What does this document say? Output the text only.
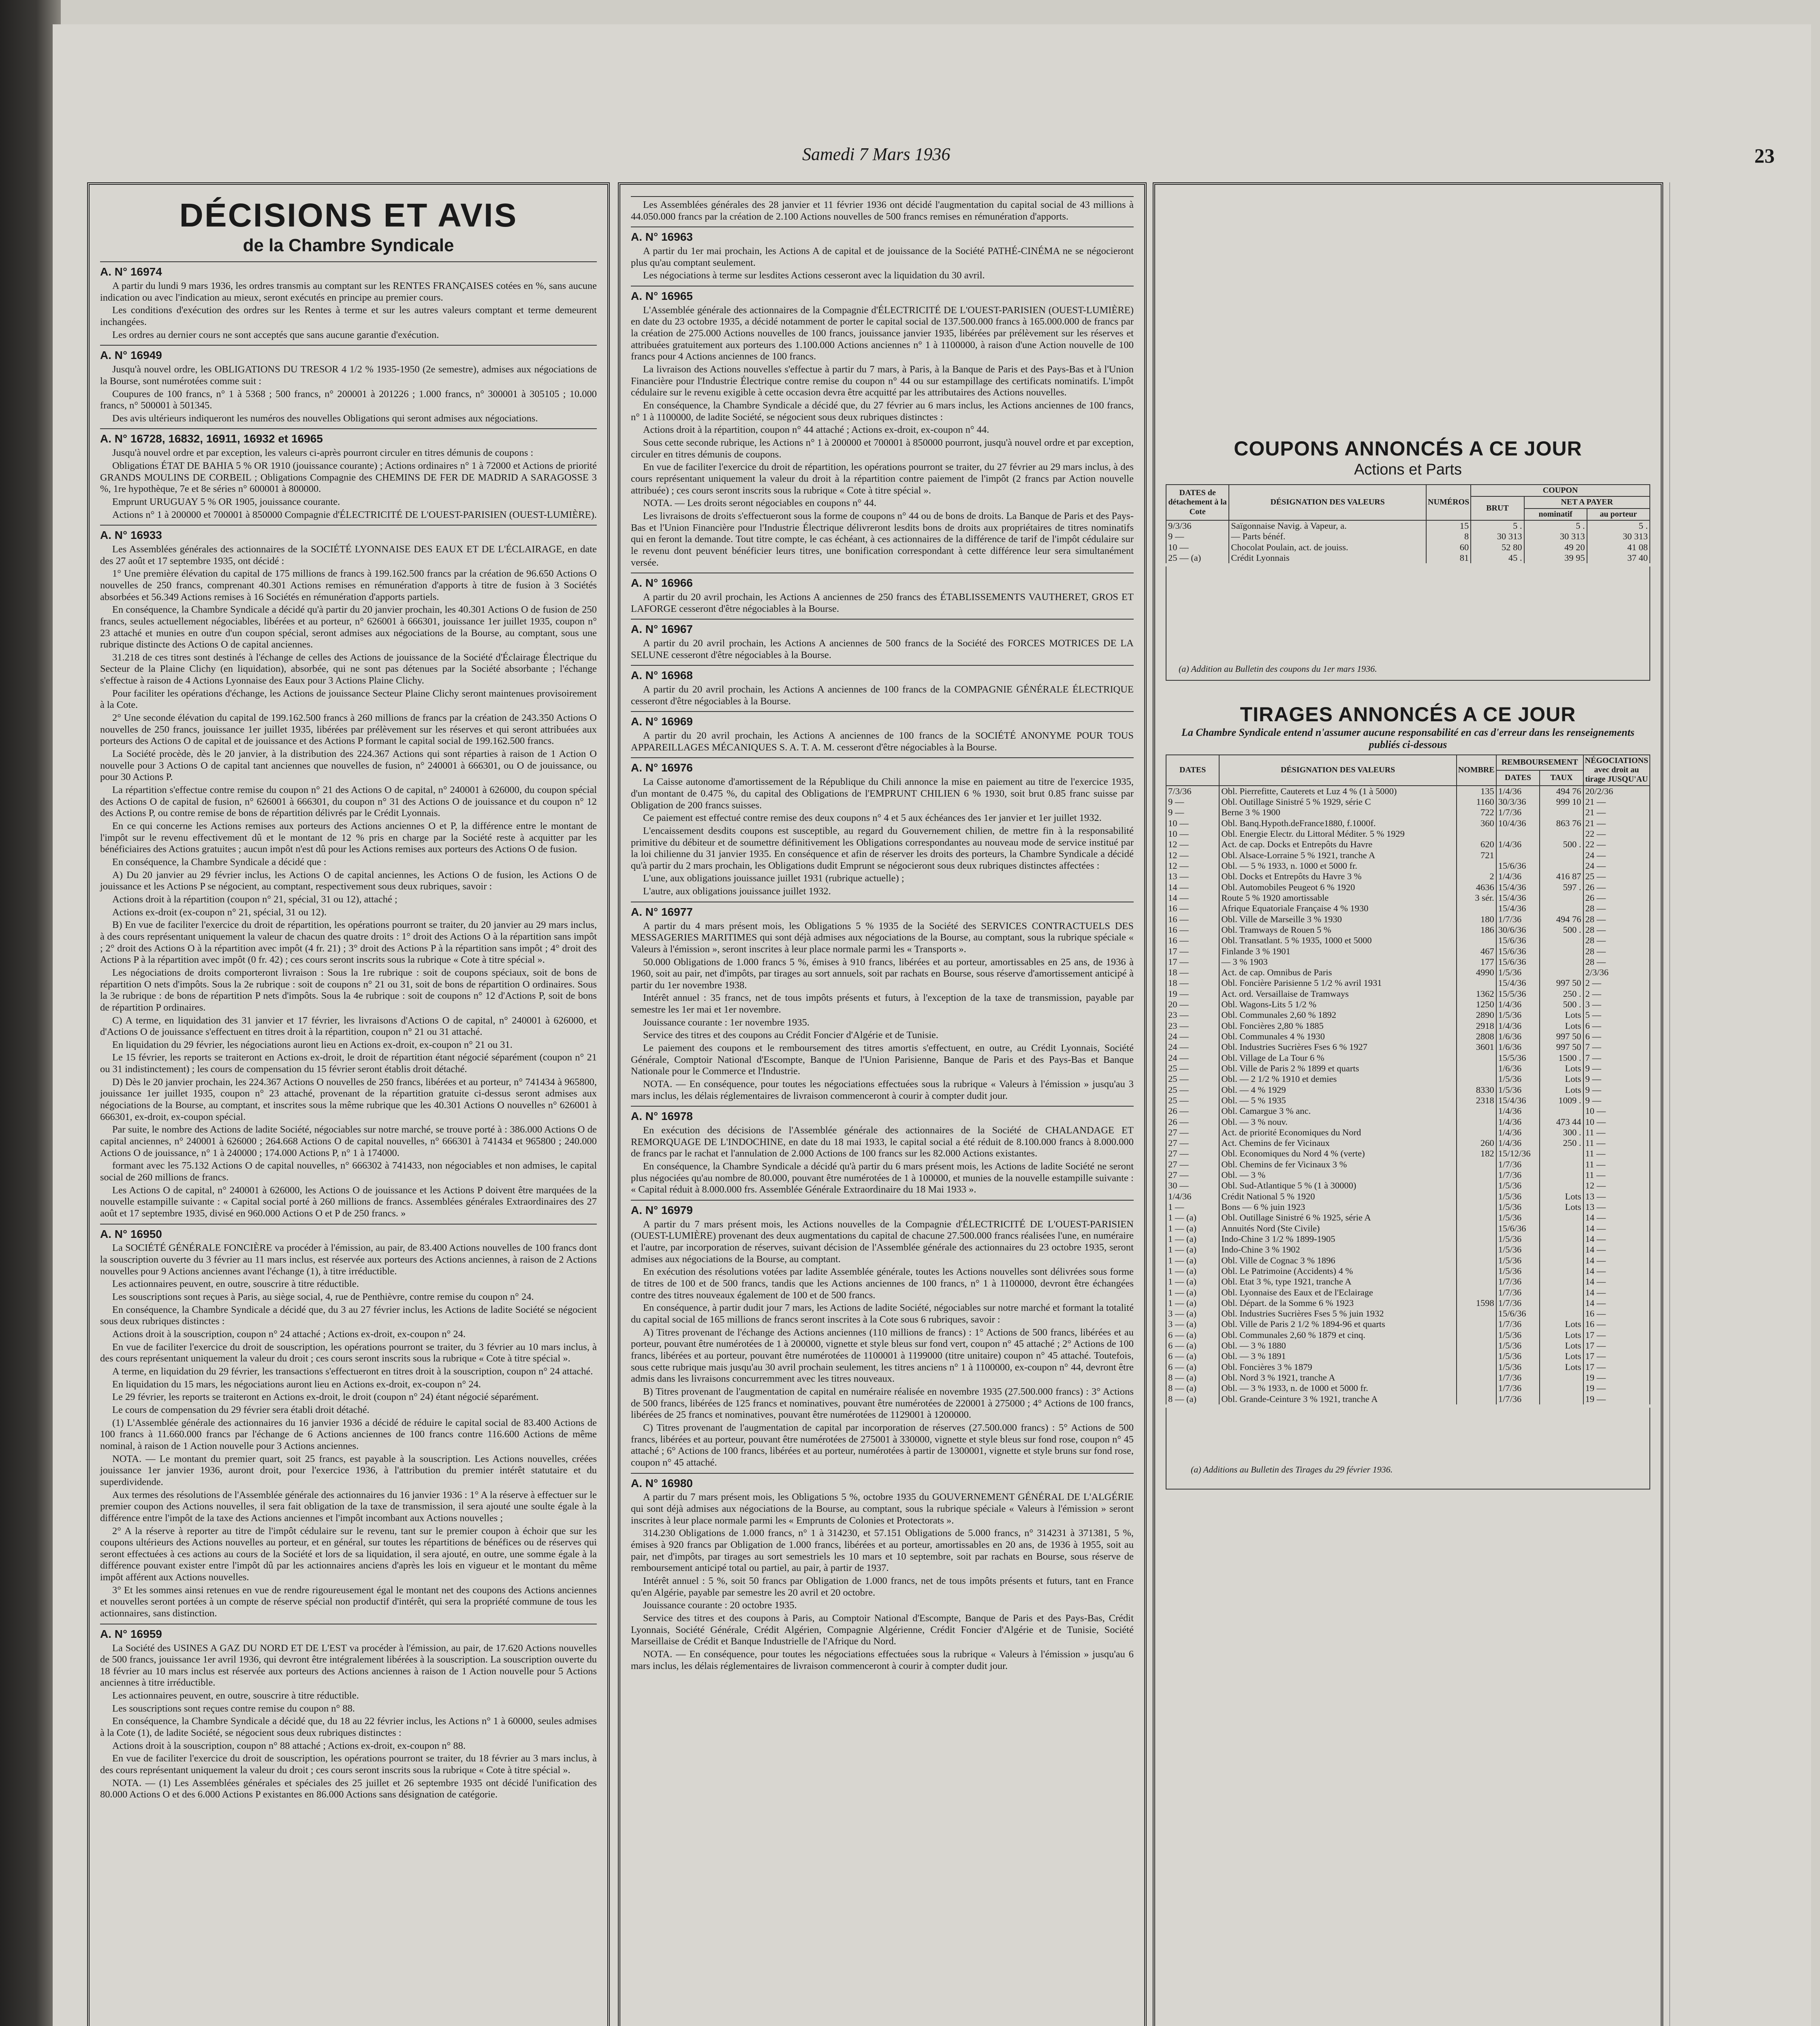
Samedi 7 Mars 1936	23
DÉCISIONS ET AVIS
de la Chambre Syndicale
A. N° 16974

A partir du lundi 9 mars 1936, les ordres transmis au comptant sur les RENTES FRANÇAISES cotées en %, sans aucune indication ou avec l'indication au mieux, seront exécutés en principe au premier cours.

Les conditions d'exécution des ordres sur les Rentes à terme et sur les autres valeurs comptant et terme demeurent inchangées.

Les ordres au dernier cours ne sont acceptés que sans aucune garantie d'exécution.

A. N° 16949

Jusqu'à nouvel ordre, les OBLIGATIONS DU TRESOR 4 1/2 % 1935-1950 (2e semestre), admises aux négociations de la Bourse, sont numérotées comme suit :

Coupures de 100 francs, n° 1 à 5368 ; 500 francs, n° 200001 à 201226 ; 1.000 francs, n° 300001 à 305105 ; 10.000 francs, n° 500001 à 501345.

Des avis ultérieurs indiqueront les numéros des nouvelles Obligations qui seront admises aux négociations.

A. N° 16728, 16832, 16911, 16932 et 16965

Jusqu'à nouvel ordre et par exception, les valeurs ci-après pourront circuler en titres démunis de coupons :

Obligations ÉTAT DE BAHIA 5 % OR 1910 (jouissance courante) ; Actions ordinaires n° 1 à 72000 et Actions de priorité GRANDS MOULINS DE CORBEIL ; Obligations Compagnie des CHEMINS DE FER DE MADRID A SARAGOSSE 3 %, 1re hypothèque, 7e et 8e séries n° 600001 à 800000.

Emprunt URUGUAY 5 % OR 1905, jouissance courante.

Actions n° 1 à 200000 et 700001 à 850000 Compagnie d'ÉLECTRICITÉ DE L'OUEST-PARISIEN (OUEST-LUMIÈRE).

A. N° 16933

Les Assemblées générales des actionnaires de la SOCIÉTÉ LYONNAISE DES EAUX ET DE L'ÉCLAIRAGE, en date des 27 août et 17 septembre 1935, ont décidé :

1° Une première élévation du capital de 175 millions de francs à 199.162.500 francs par la création de 96.650 Actions O nouvelles de 250 francs, comprenant 40.301 Actions remises en rémunération d'apports à titre de fusion à 3 Sociétés absorbées et 56.349 Actions remises à 16 Sociétés en rémunération d'apports partiels.

En conséquence, la Chambre Syndicale a décidé qu'à partir du 20 janvier prochain, les 40.301 Actions O de fusion de 250 francs, seules actuellement négociables, libérées et au porteur, n° 626001 à 666301, jouissance 1er juillet 1935, coupon n° 23 attaché et munies en outre d'un coupon spécial, seront admises aux négociations de la Bourse, au comptant, sous une rubrique distincte des Actions O de capital anciennes.

31.218 de ces titres sont destinés à l'échange de celles des Actions de jouissance de la Société d'Éclairage Électrique du Secteur de la Plaine Clichy (en liquidation), absorbée, qui ne sont pas détenues par la Société absorbante ; l'échange s'effectue à raison de 4 Actions Lyonnaise des Eaux pour 3 Actions Plaine Clichy.

Pour faciliter les opérations d'échange, les Actions de jouissance Secteur Plaine Clichy seront maintenues provisoirement à la Cote.

2° Une seconde élévation du capital de 199.162.500 francs à 260 millions de francs par la création de 243.350 Actions O nouvelles de 250 francs, jouissance 1er juillet 1935, libérées par prélèvement sur les réserves et qui seront attribuées aux porteurs des Actions O de capital et de jouissance et des Actions P formant le capital social de 199.162.500 francs.

La Société procède, dès le 20 janvier, à la distribution des 224.367 Actions qui sont réparties à raison de 1 Action O nouvelle pour 3 Actions O de capital tant anciennes que nouvelles de fusion, n° 240001 à 666301, ou O de jouissance, ou pour 30 Actions P.

La répartition s'effectue contre remise du coupon n° 21 des Actions O de capital, n° 240001 à 626000, du coupon spécial des Actions O de capital de fusion, n° 626001 à 666301, du coupon n° 31 des Actions O de jouissance et du coupon n° 12 des Actions P, ou contre remise de bons de répartition délivrés par le Crédit Lyonnais.

En ce qui concerne les Actions remises aux porteurs des Actions anciennes O et P, la différence entre le montant de l'impôt sur le revenu effectivement dû et le montant de 12 % pris en charge par la Société reste à acquitter par les bénéficiaires des Actions gratuites ; aucun impôt n'est dû pour les Actions remises aux porteurs des Actions O de fusion.

En conséquence, la Chambre Syndicale a décidé que :

A) Du 20 janvier au 29 février inclus, les Actions O de capital anciennes, les Actions O de fusion, les Actions O de jouissance et les Actions P se négocient, au comptant, respectivement sous deux rubriques, savoir :

Actions droit à la répartition (coupon n° 21, spécial, 31 ou 12), attaché ;

Actions ex-droit (ex-coupon n° 21, spécial, 31 ou 12).

B) En vue de faciliter l'exercice du droit de répartition, les opérations pourront se traiter, du 20 janvier au 29 mars inclus, à des cours représentant uniquement la valeur de chacun des quatre droits : 1° droit des Actions O à la répartition sans impôt ; 2° droit des Actions O à la répartition avec impôt (4 fr. 21) ; 3° droit des Actions P à la répartition sans impôt ; 4° droit des Actions P à la répartition avec impôt (0 fr. 42) ; ces cours seront inscrits sous la rubrique « Cote à titre spécial ».

Les négociations de droits comporteront livraison : Sous la 1re rubrique : soit de coupons spéciaux, soit de bons de répartition O nets d'impôts. Sous la 2e rubrique : soit de coupons n° 21 ou 31, soit de bons de répartition O ordinaires. Sous la 3e rubrique : de bons de répartition P nets d'impôts. Sous la 4e rubrique : soit de coupons n° 12 d'Actions P, soit de bons de répartition P ordinaires.

C) A terme, en liquidation des 31 janvier et 17 février, les livraisons d'Actions O de capital, n° 240001 à 626000, et d'Actions O de jouissance s'effectuent en titres droit à la répartition, coupon n° 21 ou 31 attaché.

En liquidation du 29 février, les négociations auront lieu en Actions ex-droit, ex-coupon n° 21 ou 31.

Le 15 février, les reports se traiteront en Actions ex-droit, le droit de répartition étant négocié séparément (coupon n° 21 ou 31 indistinctement) ; les cours de compensation du 15 février seront établis droit détaché.

D) Dès le 20 janvier prochain, les 224.367 Actions O nouvelles de 250 francs, libérées et au porteur, n° 741434 à 965800, jouissance 1er juillet 1935, coupon n° 23 attaché, provenant de la répartition gratuite ci-dessus seront admises aux négociations de la Bourse, au comptant, et inscrites sous la même rubrique que les 40.301 Actions O nouvelles n° 626001 à 666301, ex-droit, ex-coupon spécial.

Par suite, le nombre des Actions de ladite Société, négociables sur notre marché, se trouve porté à : 386.000 Actions O de capital anciennes, n° 240001 à 626000 ; 264.668 Actions O de capital nouvelles, n° 666301 à 741434 et 965800 ; 240.000 Actions O de jouissance, n° 1 à 240000 ; 174.000 Actions P, n° 1 à 174000.

formant avec les 75.132 Actions O de capital nouvelles, n° 666302 à 741433, non négociables et non admises, le capital social de 260 millions de francs.

Les Actions O de capital, n° 240001 à 626000, les Actions O de jouissance et les Actions P doivent être marquées de la nouvelle estampille suivante : « Capital social porté à 260 millions de francs. Assemblées générales Extraordinaires des 27 août et 17 septembre 1935, divisé en 960.000 Actions O et P de 250 francs. »

A. N° 16950

La SOCIÉTÉ GÉNÉRALE FONCIÈRE va procéder à l'émission, au pair, de 83.400 Actions nouvelles de 100 francs dont la souscription ouverte du 3 février au 11 mars inclus, est réservée aux porteurs des Actions anciennes, à raison de 2 Actions nouvelles pour 9 Actions anciennes avant l'échange (1), à titre irréductible.

Les actionnaires peuvent, en outre, souscrire à titre réductible.

Les souscriptions sont reçues à Paris, au siège social, 4, rue de Penthièvre, contre remise du coupon n° 24.

En conséquence, la Chambre Syndicale a décidé que, du 3 au 27 février inclus, les Actions de ladite Société se négocient sous deux rubriques distinctes :

Actions droit à la souscription, coupon n° 24 attaché ; Actions ex-droit, ex-coupon n° 24.

En vue de faciliter l'exercice du droit de souscription, les opérations pourront se traiter, du 3 février au 10 mars inclus, à des cours représentant uniquement la valeur du droit ; ces cours seront inscrits sous la rubrique « Cote à titre spécial ».

A terme, en liquidation du 29 février, les transactions s'effectueront en titres droit à la souscription, coupon n° 24 attaché.

En liquidation du 15 mars, les négociations auront lieu en Actions ex-droit, ex-coupon n° 24.

Le 29 février, les reports se traiteront en Actions ex-droit, le droit (coupon n° 24) étant négocié séparément.

Le cours de compensation du 29 février sera établi droit détaché.

(1) L'Assemblée générale des actionnaires du 16 janvier 1936 a décidé de réduire le capital social de 83.400 Actions de 100 francs à 11.660.000 francs par l'échange de 6 Actions anciennes de 100 francs contre 116.600 Actions de même nominal, à raison de 1 Action nouvelle pour 3 Actions anciennes.

NOTA. — Le montant du premier quart, soit 25 francs, est payable à la souscription. Les Actions nouvelles, créées jouissance 1er janvier 1936, auront droit, pour l'exercice 1936, à l'attribution du premier intérêt statutaire et du superdividende.

Aux termes des résolutions de l'Assemblée générale des actionnaires du 16 janvier 1936 : 1° A la réserve à effectuer sur le premier coupon des Actions nouvelles, il sera fait obligation de la taxe de transmission, il sera ajouté une soulte égale à la différence entre l'impôt de la taxe des Actions anciennes et l'impôt incombant aux Actions nouvelles ;

2° A la réserve à reporter au titre de l'impôt cédulaire sur le revenu, tant sur le premier coupon à échoir que sur les coupons ultérieurs des Actions nouvelles au porteur, et en général, sur toutes les répartitions de bénéfices ou de réserves qui seront effectuées à ces actions au cours de la Société et lors de sa liquidation, il sera ajouté, en outre, une somme égale à la différence pouvant exister entre l'impôt dû par les actionnaires anciens d'après les lois en vigueur et le montant du même impôt afférent aux Actions nouvelles.

3° Et les sommes ainsi retenues en vue de rendre rigoureusement égal le montant net des coupons des Actions anciennes et nouvelles seront portées à un compte de réserve spécial non productif d'intérêt, qui sera la propriété commune de tous les actionnaires, sans distinction.

A. N° 16959

La Société des USINES A GAZ DU NORD ET DE L'EST va procéder à l'émission, au pair, de 17.620 Actions nouvelles de 500 francs, jouissance 1er avril 1936, qui devront être intégralement libérées à la souscription. La souscription ouverte du 18 février au 10 mars inclus est réservée aux porteurs des Actions anciennes à raison de 1 Action nouvelle pour 5 Actions anciennes à titre irréductible.

Les actionnaires peuvent, en outre, souscrire à titre réductible.

Les souscriptions sont reçues contre remise du coupon n° 88.

En conséquence, la Chambre Syndicale a décidé que, du 18 au 22 février inclus, les Actions n° 1 à 60000, seules admises à la Cote (1), de ladite Société, se négocient sous deux rubriques distinctes :

Actions droit à la souscription, coupon n° 88 attaché ; Actions ex-droit, ex-coupon n° 88.

En vue de faciliter l'exercice du droit de souscription, les opérations pourront se traiter, du 18 février au 3 mars inclus, à des cours représentant uniquement la valeur du droit ; ces cours seront inscrits sous la rubrique « Cote à titre spécial ».

NOTA. — (1) Les Assemblées générales et spéciales des 25 juillet et 26 septembre 1935 ont décidé l'unification des 80.000 Actions O et des 6.000 Actions P existantes en 86.000 Actions sans désignation de catégorie.

Les Assemblées générales des 28 janvier et 11 février 1936 ont décidé l'augmentation du capital social de 43 millions à 44.050.000 francs par la création de 2.100 Actions nouvelles de 500 francs remises en rémunération d'apports.

A. N° 16963

A partir du 1er mai prochain, les Actions A de capital et de jouissance de la Société PATHÉ-CINÉMA ne se négocieront plus qu'au comptant seulement.

Les négociations à terme sur lesdites Actions cesseront avec la liquidation du 30 avril.

A. N° 16965

L'Assemblée générale des actionnaires de la Compagnie d'ÉLECTRICITÉ DE L'OUEST-PARISIEN (OUEST-LUMIÈRE) en date du 23 octobre 1935, a décidé notamment de porter le capital social de 137.500.000 francs à 165.000.000 de francs par la création de 275.000 Actions nouvelles de 100 francs, jouissance janvier 1935, libérées par prélèvement sur les réserves et attribuées gratuitement aux porteurs des 1.100.000 Actions anciennes n° 1 à 1100000, à raison d'une Action nouvelle de 100 francs pour 4 Actions anciennes de 100 francs.

La livraison des Actions nouvelles s'effectue à partir du 7 mars, à Paris, à la Banque de Paris et des Pays-Bas et à l'Union Financière pour l'Industrie Électrique contre remise du coupon n° 44 ou sur estampillage des certificats nominatifs. L'impôt cédulaire sur le revenu exigible à cette occasion devra être acquitté par les attributaires des Actions nouvelles.

En conséquence, la Chambre Syndicale a décidé que, du 27 février au 6 mars inclus, les Actions anciennes de 100 francs, n° 1 à 1100000, de ladite Société, se négocient sous deux rubriques distinctes :

Actions droit à la répartition, coupon n° 44 attaché ; Actions ex-droit, ex-coupon n° 44.

Sous cette seconde rubrique, les Actions n° 1 à 200000 et 700001 à 850000 pourront, jusqu'à nouvel ordre et par exception, circuler en titres démunis de coupons.

En vue de faciliter l'exercice du droit de répartition, les opérations pourront se traiter, du 27 février au 29 mars inclus, à des cours représentant uniquement la valeur du droit à la répartition contre paiement de l'impôt (2 francs par Action nouvelle attribuée) ; ces cours seront inscrits sous la rubrique « Cote à titre spécial ».

NOTA. — Les droits seront négociables en coupons n° 44.

Les livraisons de droits s'effectueront sous la forme de coupons n° 44 ou de bons de droits. La Banque de Paris et des Pays-Bas et l'Union Financière pour l'Industrie Électrique délivreront lesdits bons de droits aux propriétaires de titres nominatifs qui en feront la demande. Tout titre compte, le cas échéant, à ces actionnaires de la différence de tarif de l'impôt cédulaire sur le revenu dont peuvent bénéficier leurs titres, une bonification correspondant à cette différence leur sera simultanément versée.

A. N° 16966

A partir du 20 avril prochain, les Actions A anciennes de 250 francs des ÉTABLISSEMENTS VAUTHERET, GROS ET LAFORGE cesseront d'être négociables à la Bourse.

A. N° 16967

A partir du 20 avril prochain, les Actions A anciennes de 500 francs de la Société des FORCES MOTRICES DE LA SELUNE cesseront d'être négociables à la Bourse.

A. N° 16968

A partir du 20 avril prochain, les Actions A anciennes de 100 francs de la COMPAGNIE GÉNÉRALE ÉLECTRIQUE cesseront d'être négociables à la Bourse.

A. N° 16969

A partir du 20 avril prochain, les Actions A anciennes de 100 francs de la SOCIÉTÉ ANONYME POUR TOUS APPAREILLAGES MÉCANIQUES S. A. T. A. M. cesseront d'être négociables à la Bourse.

A. N° 16976

La Caisse autonome d'amortissement de la République du Chili annonce la mise en paiement au titre de l'exercice 1935, d'un montant de 0.475 %, du capital des Obligations de l'EMPRUNT CHILIEN 6 % 1930, soit brut 0.85 franc suisse par Obligation de 200 francs suisses.

Ce paiement est effectué contre remise des deux coupons n° 4 et 5 aux échéances des 1er janvier et 1er juillet 1932.

L'encaissement desdits coupons est susceptible, au regard du Gouvernement chilien, de mettre fin à la responsabilité primitive du débiteur et de soumettre définitivement les Obligations correspondantes au nouveau mode de service institué par la loi chilienne du 31 janvier 1935. En conséquence et afin de réserver les droits des porteurs, la Chambre Syndicale a décidé qu'à partir du 2 mars prochain, les Obligations dudit Emprunt se négocieront sous deux rubriques distinctes affectées :

L'une, aux obligations jouissance juillet 1931 (rubrique actuelle) ;

L'autre, aux obligations jouissance juillet 1932.

A. N° 16977

A partir du 4 mars présent mois, les Obligations 5 % 1935 de la Société des SERVICES CONTRACTUELS DES MESSAGERIES MARITIMES qui sont déjà admises aux négociations de la Bourse, au comptant, sous la rubrique spéciale « Valeurs à l'émission », seront inscrites à leur place normale parmi les « Transports ».

50.000 Obligations de 1.000 francs 5 %, émises à 910 francs, libérées et au porteur, amortissables en 25 ans, de 1936 à 1960, soit au pair, net d'impôts, par tirages au sort annuels, soit par rachats en Bourse, sous réserve d'amortissement anticipé à partir du 1er novembre 1938.

Intérêt annuel : 35 francs, net de tous impôts présents et futurs, à l'exception de la taxe de transmission, payable par semestre les 1er mai et 1er novembre.

Jouissance courante : 1er novembre 1935.

Service des titres et des coupons au Crédit Foncier d'Algérie et de Tunisie.

Le paiement des coupons et le remboursement des titres amortis s'effectuent, en outre, au Crédit Lyonnais, Société Générale, Comptoir National d'Escompte, Banque de l'Union Parisienne, Banque de Paris et des Pays-Bas et Banque Nationale pour le Commerce et l'Industrie.

NOTA. — En conséquence, pour toutes les négociations effectuées sous la rubrique « Valeurs à l'émission » jusqu'au 3 mars inclus, les délais réglementaires de livraison commenceront à courir à compter dudit jour.

A. N° 16978

En exécution des décisions de l'Assemblée générale des actionnaires de la Société de CHALANDAGE ET REMORQUAGE DE L'INDOCHINE, en date du 18 mai 1933, le capital social a été réduit de 8.100.000 francs à 8.000.000 de francs par le rachat et l'annulation de 2.000 Actions de 100 francs sur les 82.000 Actions existantes.

En conséquence, la Chambre Syndicale a décidé qu'à partir du 6 mars présent mois, les Actions de ladite Société ne seront plus négociées qu'au nombre de 80.000, pouvant être numérotées de 1 à 100000, et munies de la nouvelle estampille suivante : « Capital réduit à 8.000.000 frs. Assemblée Générale Extraordinaire du 18 Mai 1933 ».

A. N° 16979

A partir du 7 mars présent mois, les Actions nouvelles de la Compagnie d'ÉLECTRICITÉ DE L'OUEST-PARISIEN (OUEST-LUMIÈRE) provenant des deux augmentations du capital de chacune 27.500.000 francs réalisées l'une, en numéraire et l'autre, par incorporation de réserves, suivant décision de l'Assemblée générale des actionnaires du 23 octobre 1935, seront admises aux négociations de la Bourse, au comptant.

En exécution des résolutions votées par ladite Assemblée générale, toutes les Actions nouvelles sont délivrées sous forme de titres de 100 et de 500 francs, tandis que les Actions anciennes de 100 francs, n° 1 à 1100000, devront être échangées contre des titres nouveaux également de 100 et de 500 francs.

En conséquence, à partir dudit jour 7 mars, les Actions de ladite Société, négociables sur notre marché et formant la totalité du capital social de 165 millions de francs seront inscrites à la Cote sous 6 rubriques, savoir :

A) Titres provenant de l'échange des Actions anciennes (110 millions de francs) : 1° Actions de 500 francs, libérées et au porteur, pouvant être numérotées de 1 à 200000, vignette et style bleus sur fond vert, coupon n° 45 attaché ; 2° Actions de 100 francs, libérées et au porteur, pouvant être numérotées de 1100001 à 1199000 (titre unitaire) coupon n° 45 attaché. Toutefois, sous cette rubrique mais jusqu'au 30 avril prochain seulement, les titres anciens n° 1 à 1100000, ex-coupon n° 44, devront être admis dans les livraisons concurremment avec les titres nouveaux.

B) Titres provenant de l'augmentation de capital en numéraire réalisée en novembre 1935 (27.500.000 francs) : 3° Actions de 500 francs, libérées de 125 francs et nominatives, pouvant être numérotées de 220001 à 275000 ; 4° Actions de 100 francs, libérées de 25 francs et nominatives, pouvant être numérotées de 1129001 à 1200000.

C) Titres provenant de l'augmentation de capital par incorporation de réserves (27.500.000 francs) : 5° Actions de 500 francs, libérées et au porteur, pouvant être numérotées de 275001 à 330000, vignette et style bleus sur fond rose, coupon n° 45 attaché ; 6° Actions de 100 francs, libérées et au porteur, numérotées à partir de 1300001, vignette et style bruns sur fond rose, coupon n° 45 attaché.

A. N° 16980

A partir du 7 mars présent mois, les Obligations 5 %, octobre 1935 du GOUVERNEMENT GÉNÉRAL DE L'ALGÉRIE qui sont déjà admises aux négociations de la Bourse, au comptant, sous la rubrique spéciale « Valeurs à l'émission » seront inscrites à leur place normale parmi les « Emprunts de Colonies et Protectorats ».

314.230 Obligations de 1.000 francs, n° 1 à 314230, et 57.151 Obligations de 5.000 francs, n° 314231 à 371381, 5 %, émises à 920 francs par Obligation de 1.000 francs, libérées et au porteur, amortissables en 20 ans, de 1936 à 1955, soit au pair, net d'impôts, par tirages au sort semestriels les 10 mars et 10 septembre, soit par rachats en Bourse, sous réserve de remboursement anticipé total ou partiel, au pair, à partir de 1937.

Intérêt annuel : 5 %, soit 50 francs par Obligation de 1.000 francs, net de tous impôts présents et futurs, tant en France qu'en Algérie, payable par semestre les 20 avril et 20 octobre.

Jouissance courante : 20 octobre 1935.

Service des titres et des coupons à Paris, au Comptoir National d'Escompte, Banque de Paris et des Pays-Bas, Crédit Lyonnais, Société Générale, Crédit Algérien, Compagnie Algérienne, Crédit Foncier d'Algérie et de Tunisie, Société Marseillaise de Crédit et Banque Industrielle de l'Afrique du Nord.

NOTA. — En conséquence, pour toutes les négociations effectuées sous la rubrique « Valeurs à l'émission » jusqu'au 6 mars inclus, les délais réglementaires de livraison commenceront à courir à compter dudit jour.

COUPONS ANNONCÉS A CE JOUR
Actions et Parts
DATES de détachement à la Cote	DÉSIGNATION DES VALEURS	NUMÉROS	COUPON		
			BRUT	NET A PAYER	
				nominatif	au porteur
9/3/36	Saïgonnaise Navig. à Vapeur, a.	15	5 .	5 .	5 .
9 —	— Parts bénéf.	8	30 313	30 313	30 313
10 —	Chocolat Poulain, act. de jouiss.	60	52 80	49 20	41 08
25 — (a)	Crédit Lyonnais	81	45 .	39 95	37 40
(a) Addition au Bulletin des coupons du 1er mars 1936.
TIRAGES ANNONCÉS A CE JOUR
La Chambre Syndicale entend n'assumer aucune responsabilité en cas d'erreur dans les renseignements publiés ci-dessous
DATES	DÉSIGNATION DES VALEURS	NOMBRE	REMBOURSEMENT		NÉGOCIATIONS avec droit au tirage JUSQU'AU
			DATES	TAUX	
7/3/36	Obl. Pierrefitte, Cauterets et Luz 4 % (1 à 5000)	135	1/4/36	494 76	20/2/36
9 —	Obl. Outillage Sinistré 5 % 1929, série C	1160	30/3/36	999 10	21 —
9 —	Berne 3 % 1900	722	1/7/36		21 —
10 —	Obl. Banq.Hypoth.deFrance1880, f.1000f.	360	10/4/36	863 76	21 —
10 —	Obl. Energie Electr. du Littoral Méditer. 5 % 1929				22 —
12 —	Act. de cap. Docks et Entrepôts du Havre	620	1/4/36	500 .	22 —
12 —	Obl. Alsace-Lorraine 5 % 1921, tranche A	721			24 —
12 —	Obl. — 5 % 1933, n. 1000 et 5000 fr.		15/6/36		24 —
13 —	Obl. Docks et Entrepôts du Havre 3 %	2	1/4/36	416 87	25 —
14 —	Obl. Automobiles Peugeot 6 % 1920	4636	15/4/36	597 .	26 —
14 —	Route 5 % 1920 amortissable	3 sér.	15/4/36		26 —
16 —	Afrique Equatoriale Française 4 % 1930		15/4/36		28 —
16 —	Obl. Ville de Marseille 3 % 1930	180	1/7/36	494 76	28 —
16 —	Obl. Tramways de Rouen 5 %	186	30/6/36	500 .	28 —
16 —	Obl. Transatlant. 5 % 1935, 1000 et 5000		15/6/36		28 —
17 —	Finlande 3 % 1901	467	15/6/36		28 —
17 —	— 3 % 1903	177	15/6/36		28 —
18 —	Act. de cap. Omnibus de Paris	4990	1/5/36		2/3/36
18 —	Obl. Foncière Parisienne 5 1/2 % avril 1931		15/4/36	997 50	2 —
19 —	Act. ord. Versaillaise de Tramways	1362	15/5/36	250 .	2 —
20 —	Obl. Wagons-Lits 5 1/2 %	1250	1/4/36	500 .	3 —
23 —	Obl. Communales 2,60 % 1892	2890	1/5/36	Lots	5 —
23 —	Obl. Foncières 2,80 % 1885	2918	1/4/36	Lots	6 —
24 —	Obl. Communales 4 % 1930	2808	1/6/36	997 50	6 —
24 —	Obl. Industries Sucrières Fses 6 % 1927	3601	1/6/36	997 50	7 —
24 —	Obl. Village de La Tour 6 %		15/5/36	1500 .	7 —
25 —	Obl. Ville de Paris 2 % 1899 et quarts		1/6/36	Lots	9 —
25 —	Obl. — 2 1/2 % 1910 et demies		1/5/36	Lots	9 —
25 —	Obl. — 4 % 1929	8330	1/5/36	Lots	9 —
25 —	Obl. — 5 % 1935	2318	15/4/36	1009 .	9 —
26 —	Obl. Camargue 3 % anc.		1/4/36		10 —
26 —	Obl. — 3 % nouv.		1/4/36	473 44	10 —
27 —	Act. de priorité Economiques du Nord		1/4/36	300 .	11 —
27 —	Act. Chemins de fer Vicinaux	260	1/4/36	250 .	11 —
27 —	Obl. Economiques du Nord 4 % (verte)	182	15/12/36		11 —
27 —	Obl. Chemins de fer Vicinaux 3 %		1/7/36		11 —
27 —	Obl. — 3 %		1/7/36		11 —
30 —	Obl. Sud-Atlantique 5 % (1 à 30000)		1/5/36		12 —
1/4/36	Crédit National 5 % 1920		1/5/36	Lots	13 —
1 —	Bons — 6 % juin 1923		1/5/36	Lots	13 —
1 — (a)	Obl. Outillage Sinistré 6 % 1925, série A		1/5/36		14 —
1 — (a)	Annuités Nord (Ste Civile)		15/6/36		14 —
1 — (a)	Indo-Chine 3 1/2 % 1899-1905		1/5/36		14 —
1 — (a)	Indo-Chine 3 % 1902		1/5/36		14 —
1 — (a)	Obl. Ville de Cognac 3 % 1896		1/5/36		14 —
1 — (a)	Obl. Le Patrimoine (Accidents) 4 %		1/5/36		14 —
1 — (a)	Obl. Etat 3 %, type 1921, tranche A		1/7/36		14 —
1 — (a)	Obl. Lyonnaise des Eaux et de l'Eclairage		1/7/36		14 —
1 — (a)	Obl. Départ. de la Somme 6 % 1923	1598	1/7/36		14 —
3 — (a)	Obl. Industries Sucrières Fses 5 % juin 1932		15/6/36		16 —
3 — (a)	Obl. Ville de Paris 2 1/2 % 1894-96 et quarts		1/7/36	Lots	16 —
6 — (a)	Obl. Communales 2,60 % 1879 et cinq.		1/5/36	Lots	17 —
6 — (a)	Obl. — 3 % 1880		1/5/36	Lots	17 —
6 — (a)	Obl. — 3 % 1891		1/5/36	Lots	17 —
6 — (a)	Obl. Foncières 3 % 1879		1/5/36	Lots	17 —
8 — (a)	Obl. Nord 3 % 1921, tranche A		1/7/36		19 —
8 — (a)	Obl. — 3 % 1933, n. de 1000 et 5000 fr.		1/7/36		19 —
8 — (a)	Obl. Grande-Ceinture 3 % 1921, tranche A		1/7/36		19 —
(a) Additions au Bulletin des Tirages du 29 février 1936.
